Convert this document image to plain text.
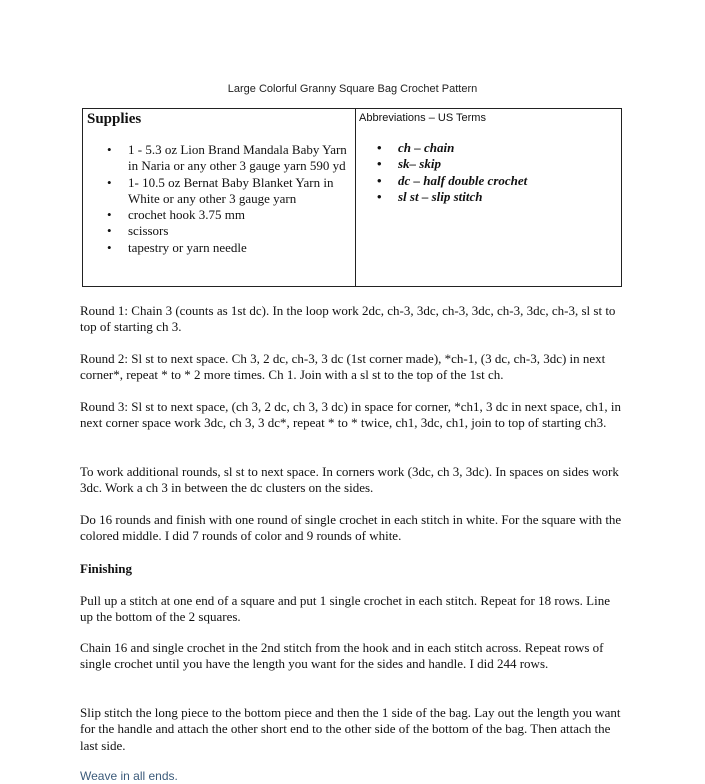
Large Colorful Granny Square Bag Crochet Pattern
Supplies
• 1 - 5.3 oz Lion Brand Mandala Baby Yarn in Naria or any other 3 gauge yarn 590 yd
• 1- 10.5 oz Bernat Baby Blanket Yarn in White or any other 3 gauge yarn
• crochet hook 3.75 mm
• scissors
• tapestry or yarn needle

Abbreviations – US Terms
• ch – chain
• sk– skip
• dc – half double crochet
• sl st – slip stitch

Round 1: Chain 3 (counts as 1st dc). In the loop work 2dc, ch-3, 3dc, ch-3, 3dc, ch-3, 3dc, ch-3, sl st to top of starting ch 3.

Round 2: Sl st to next space. Ch 3, 2 dc, ch-3, 3 dc (1st corner made), *ch-1, (3 dc, ch-3, 3dc) in next corner*, repeat * to * 2 more times. Ch 1. Join with a sl st to the top of the 1st ch.

Round 3: Sl st to next space, (ch 3, 2 dc, ch 3, 3 dc) in space for corner, *ch1, 3 dc in next space, ch1, in next corner space work 3dc, ch 3, 3 dc*, repeat * to * twice, ch1, 3dc, ch1, join to top of starting ch3.

To work additional rounds, sl st to next space. In corners work (3dc, ch 3, 3dc). In spaces on sides work 3dc. Work a ch 3 in between the dc clusters on the sides.

Do 16 rounds and finish with one round of single crochet in each stitch in white. For the square with the colored middle. I did 7 rounds of color and 9 rounds of white.

Finishing

Pull up a stitch at one end of a square and put 1 single crochet in each stitch. Repeat for 18 rows. Line up the bottom of the 2 squares.

Chain 16 and single crochet in the 2nd stitch from the hook and in each stitch across. Repeat rows of single crochet until you have the length you want for the sides and handle. I did 244 rows.

Slip stitch the long piece to the bottom piece and then the 1 side of the bag. Lay out the length you want for the handle and attach the other short end to the other side of the bottom of the bag. Then attach the last side.

Weave in all ends.
